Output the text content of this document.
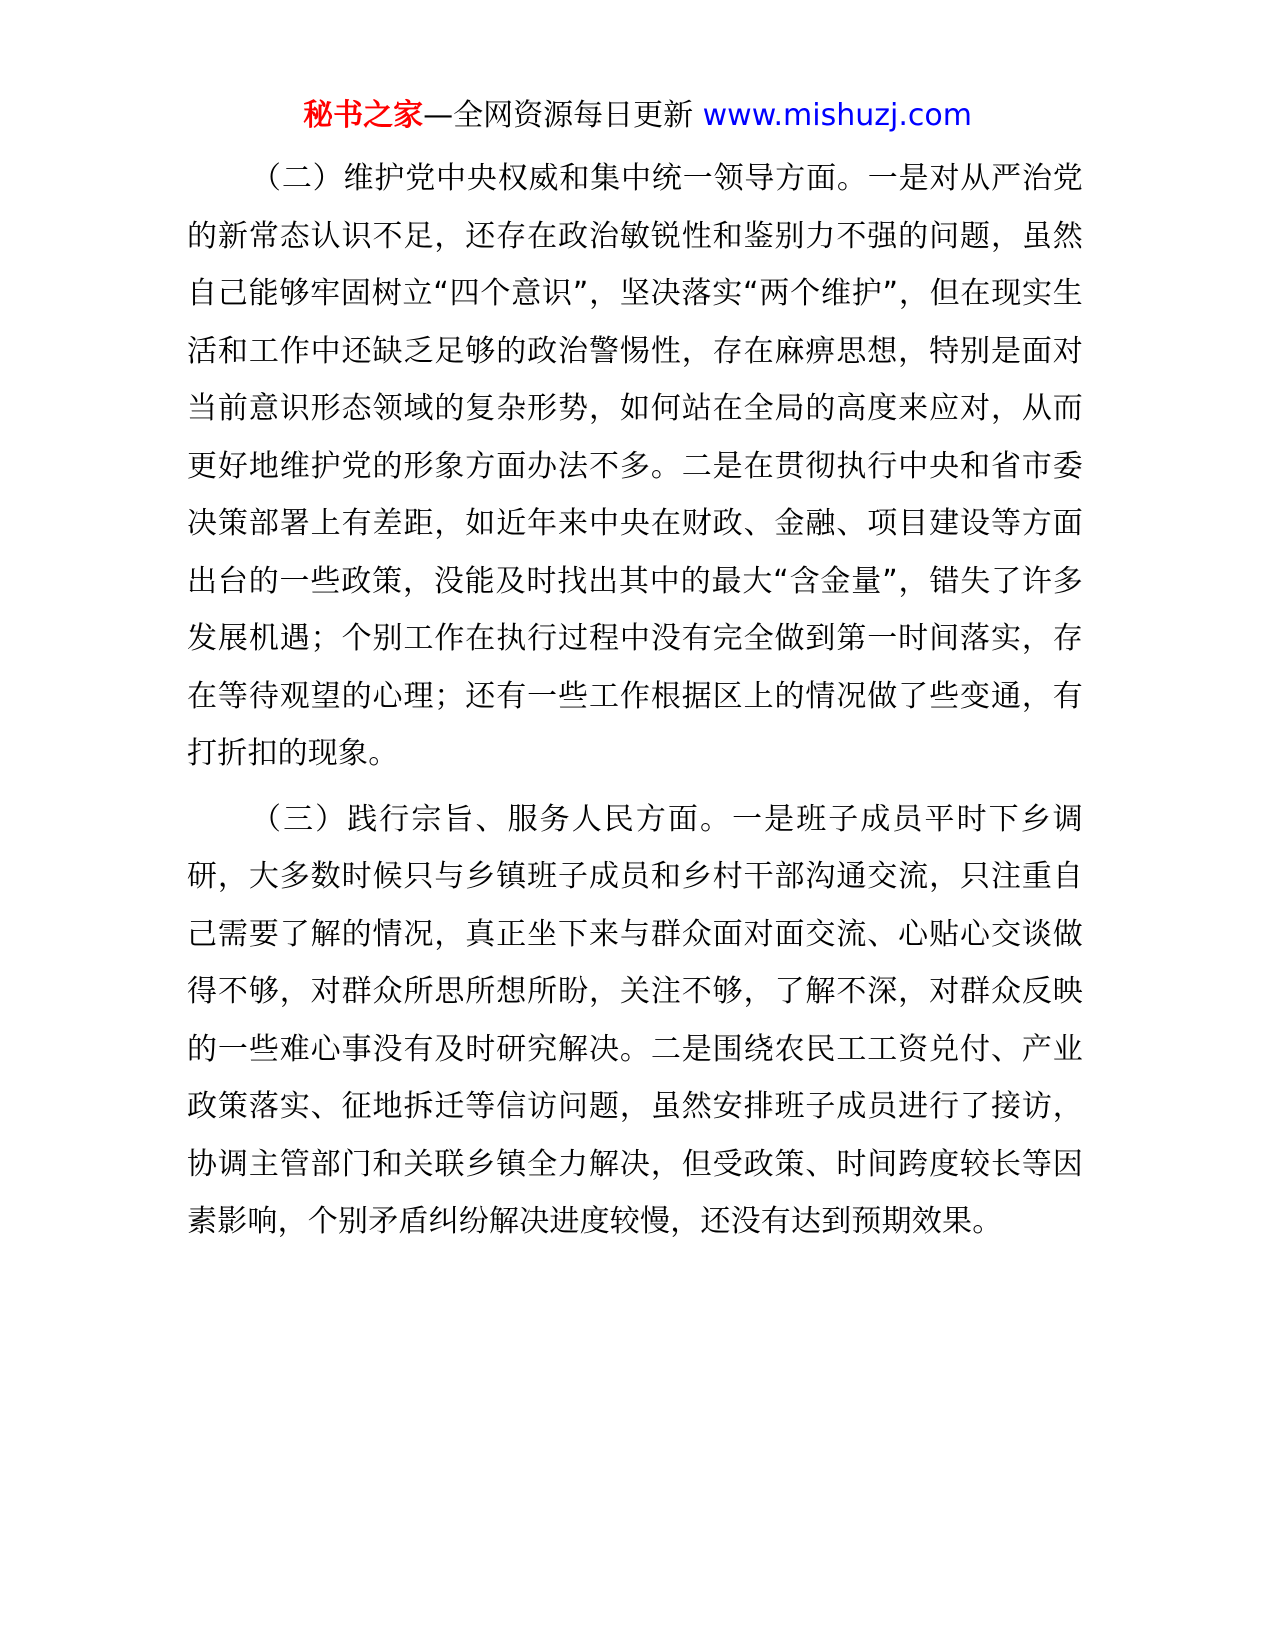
秘书之家—全网资源每日更新 www.mishuzj.com

（二）维护党中央权威和集中统一领导方面。一是对从严治党的新常态认识不足，还存在政治敏锐性和鉴别力不强的问题，虽然自己能够牢固树立“四个意识”，坚决落实“两个维护”，但在现实生活和工作中还缺乏足够的政治警惕性，存在麻痹思想，特别是面对当前意识形态领域的复杂形势，如何站在全局的高度来应对，从而更好地维护党的形象方面办法不多。二是在贯彻执行中央和省市委决策部署上有差距，如近年来中央在财政、金融、项目建设等方面出台的一些政策，没能及时找出其中的最大“含金量”，错失了许多发展机遇；个别工作在执行过程中没有完全做到第一时间落实，存在等待观望的心理；还有一些工作根据区上的情况做了些变通，有打折扣的现象。

（三）践行宗旨、服务人民方面。一是班子成员平时下乡调研，大多数时候只与乡镇班子成员和乡村干部沟通交流，只注重自己需要了解的情况，真正坐下来与群众面对面交流、心贴心交谈做得不够，对群众所思所想所盼，关注不够，了解不深，对群众反映的一些难心事没有及时研究解决。二是围绕农民工工资兑付、产业政策落实、征地拆迁等信访问题，虽然安排班子成员进行了接访，协调主管部门和关联乡镇全力解决，但受政策、时间跨度较长等因素影响，个别矛盾纠纷解决进度较慢，还没有达到预期效果。
